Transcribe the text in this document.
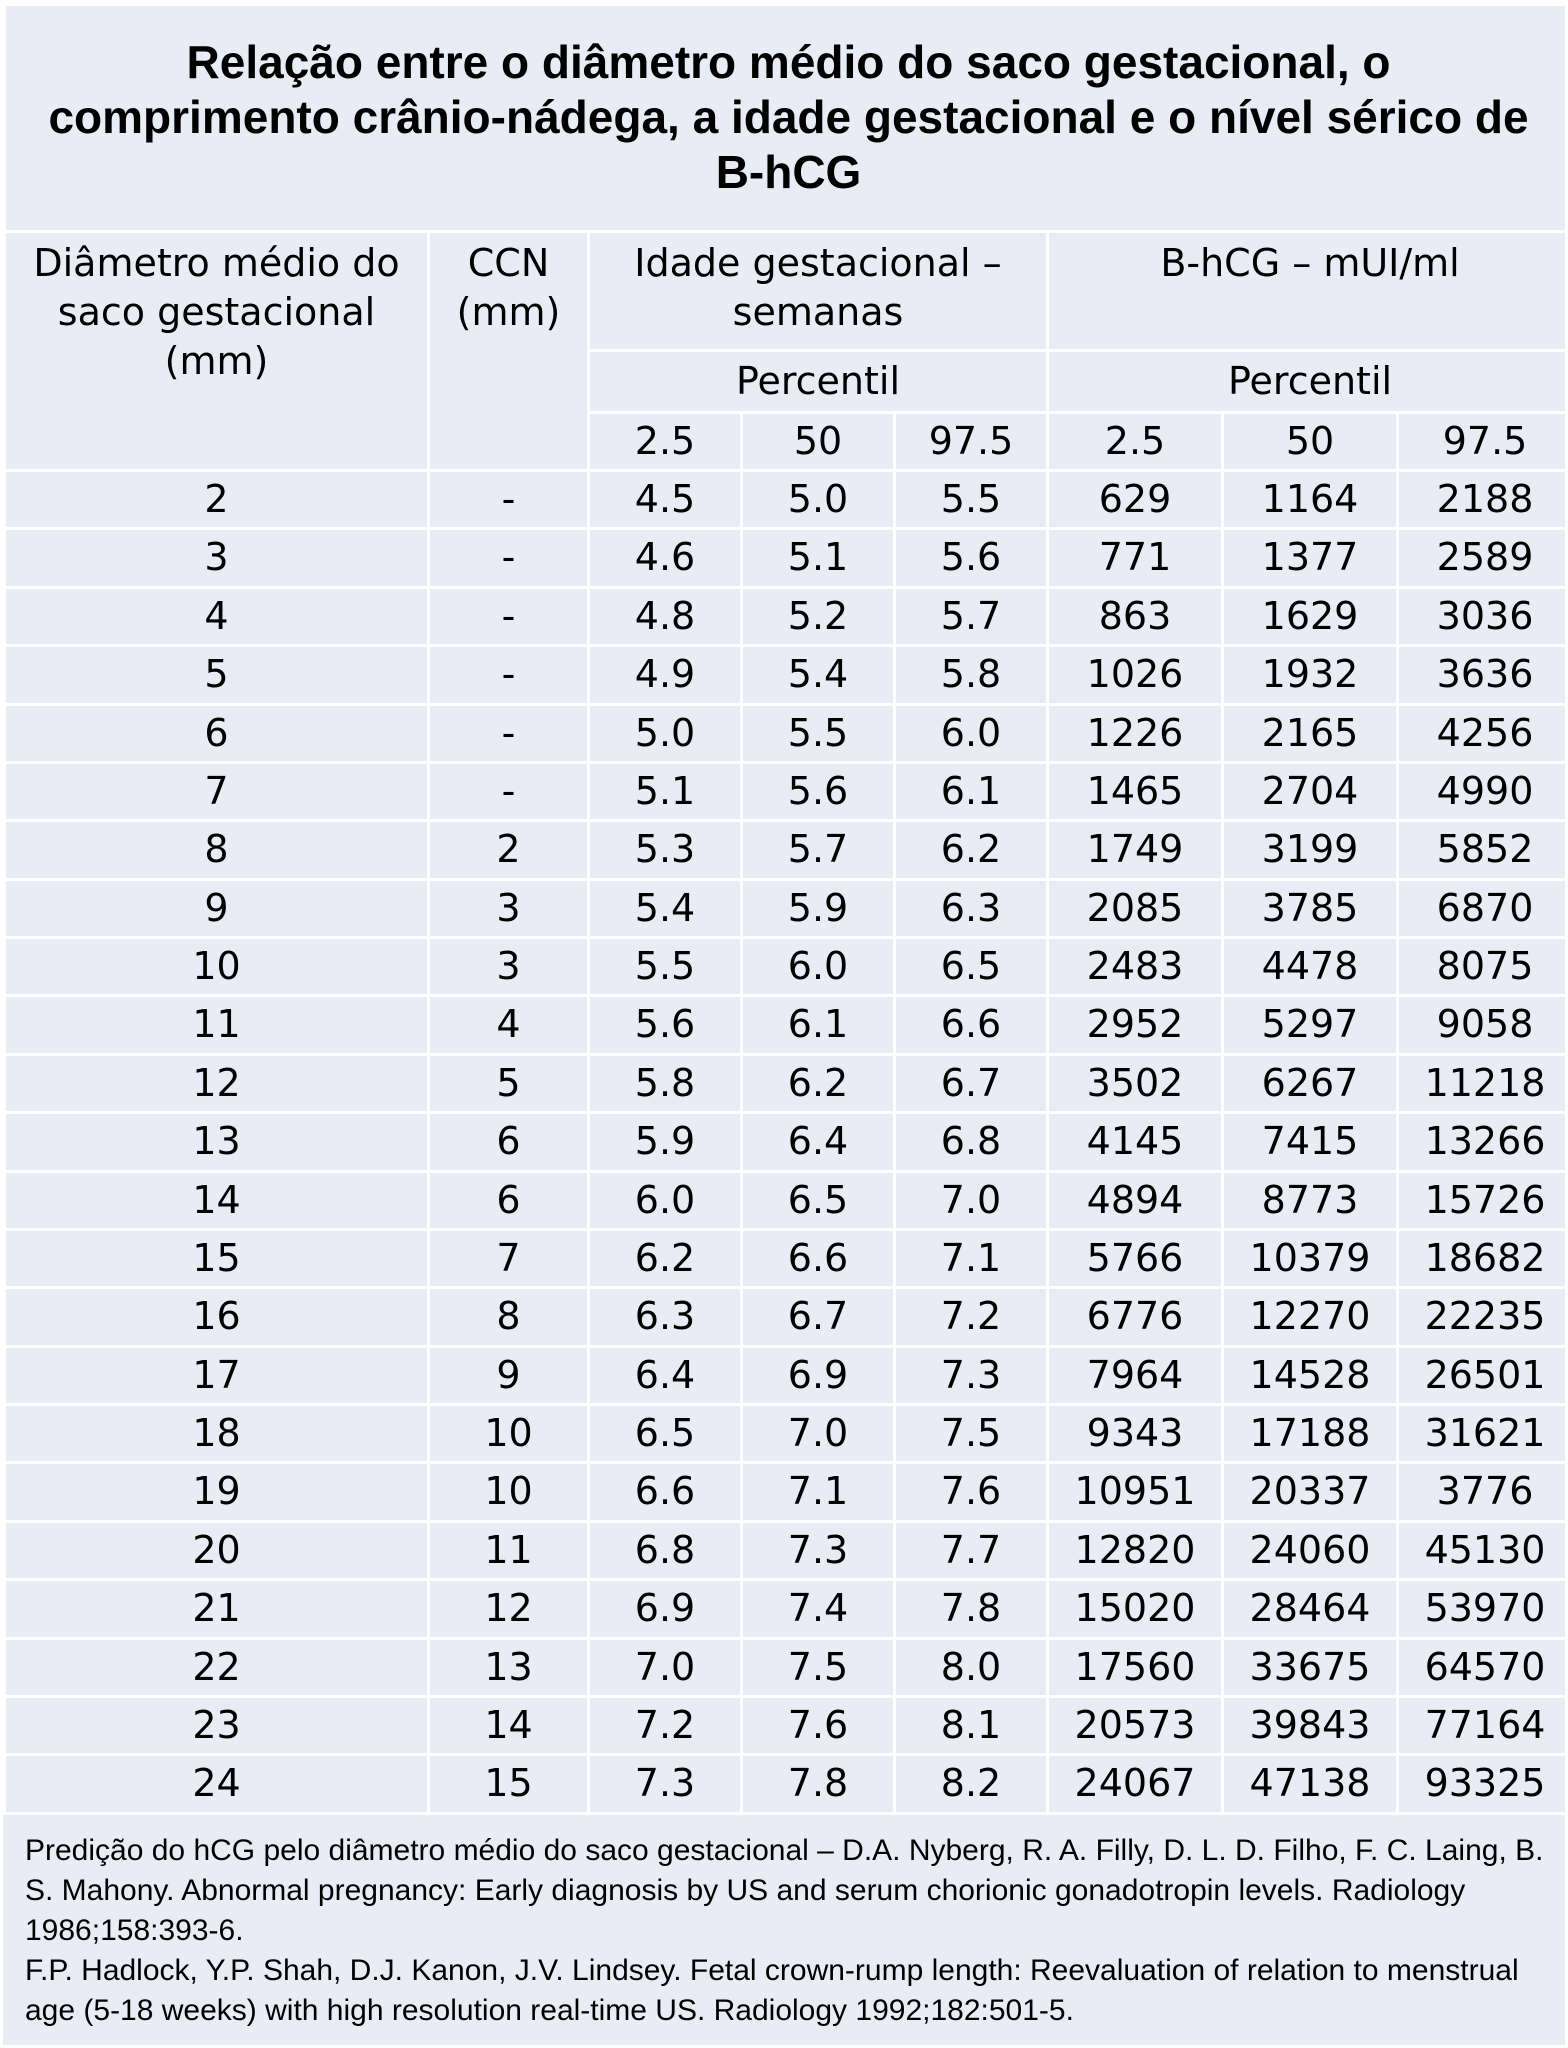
Relação entre o diâmetro médio do saco gestacional, o comprimento crânio-nádega, a idade gestacional e o nível sérico de B-hCG							
Diâmetro médio do saco gestacional (mm)	CCN (mm)	Idade gestacional – semanas			B-hCG – mUI/ml		
		Percentil			Percentil		
		2.5	50	97.5	2.5	50	97.5
2	-	4.5	5.0	5.5	629	1164	2188
3	-	4.6	5.1	5.6	771	1377	2589
4	-	4.8	5.2	5.7	863	1629	3036
5	-	4.9	5.4	5.8	1026	1932	3636
6	-	5.0	5.5	6.0	1226	2165	4256
7	-	5.1	5.6	6.1	1465	2704	4990
8	2	5.3	5.7	6.2	1749	3199	5852
9	3	5.4	5.9	6.3	2085	3785	6870
10	3	5.5	6.0	6.5	2483	4478	8075
11	4	5.6	6.1	6.6	2952	5297	9058
12	5	5.8	6.2	6.7	3502	6267	11218
13	6	5.9	6.4	6.8	4145	7415	13266
14	6	6.0	6.5	7.0	4894	8773	15726
15	7	6.2	6.6	7.1	5766	10379	18682
16	8	6.3	6.7	7.2	6776	12270	22235
17	9	6.4	6.9	7.3	7964	14528	26501
18	10	6.5	7.0	7.5	9343	17188	31621
19	10	6.6	7.1	7.6	10951	20337	3776
20	11	6.8	7.3	7.7	12820	24060	45130
21	12	6.9	7.4	7.8	15020	28464	53970
22	13	7.0	7.5	8.0	17560	33675	64570
23	14	7.2	7.6	8.1	20573	39843	77164
24	15	7.3	7.8	8.2	24067	47138	93325

Predição do hCG pelo diâmetro médio do saco gestacional – D.A. Nyberg, R. A. Filly, D. L. D. Filho, F. C. Laing, B. S. Mahony. Abnormal pregnancy: Early diagnosis by US and serum chorionic gonadotropin levels. Radiology 1986;158:393-6.

F.P. Hadlock, Y.P. Shah, D.J. Kanon, J.V. Lindsey. Fetal crown-rump length: Reevaluation of relation to menstrual age (5-18 weeks) with high resolution real-time US. Radiology 1992;182:501-5.
